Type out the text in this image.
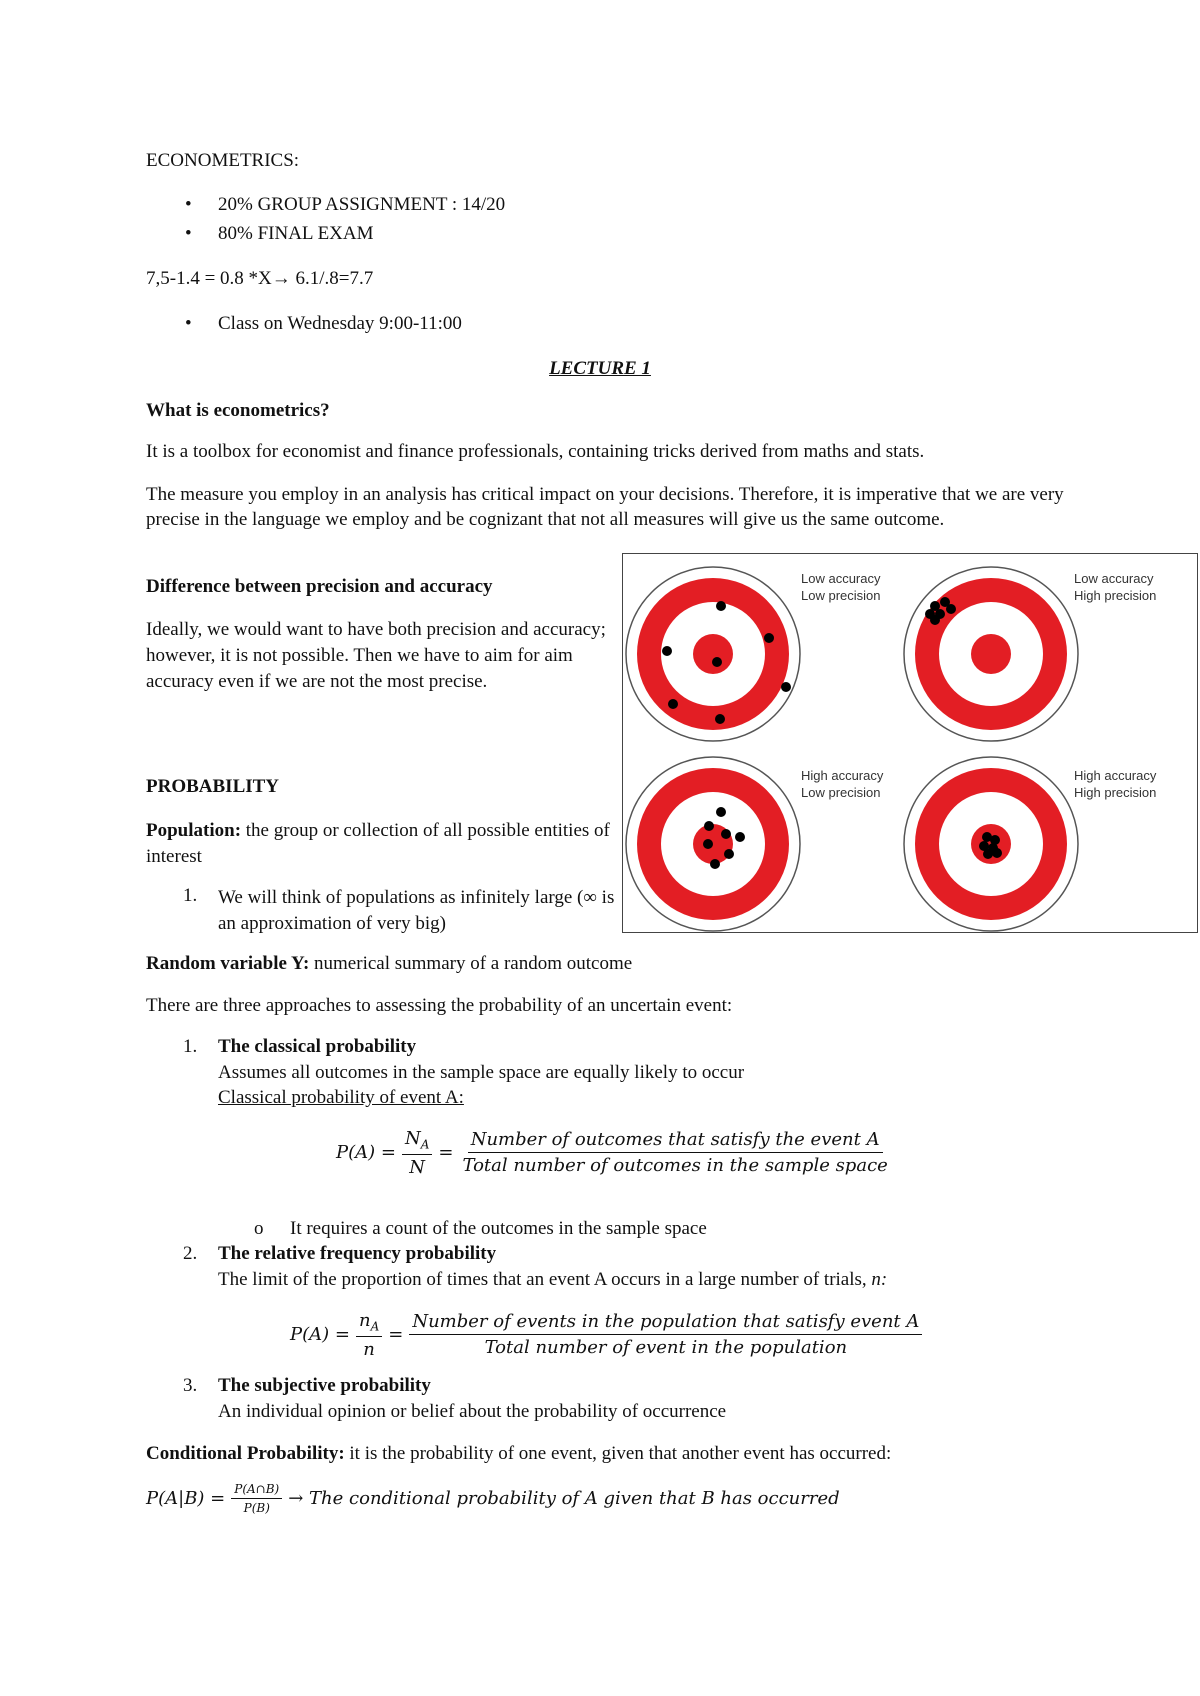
ECONOMETRICS:
• 20% GROUP ASSIGNMENT : 14/20
• 80% FINAL EXAM
7,5-1.4 = 0.8 *X→ 6.1/.8=7.7
• Class on Wednesday 9:00-11:00
LECTURE 1
What is econometrics?
It is a toolbox for economist and finance professionals, containing tricks derived from maths and stats.
The measure you employ in an analysis has critical impact on your decisions. Therefore, it is imperative that we are very precise in the language we employ and be cognizant that not all measures will give us the same outcome.
Difference between precision and accuracy
Ideally, we would want to have both precision and accuracy; however, it is not possible. Then we have to aim for aim accuracy even if we are not the most precise.
Low accuracy
Low precision
Low accuracy
High precision
High accuracy
Low precision
High accuracy
High precision
PROBABILITY
Population: the group or collection of all possible entities of interest
1. We will think of populations as infinitely large (∞ is an approximation of very big)
Random variable Y: numerical summary of a random outcome
There are three approaches to assessing the probability of an uncertain event:
1. The classical probability
Assumes all outcomes in the sample space are equally likely to occur
Classical probability of event A:
$P(A) = \frac{N_A}{N} = \frac{\text{Number of outcomes that satisfy the event A}}{\text{Total number of outcomes in the sample space}}$
o It requires a count of the outcomes in the sample space
2. The relative frequency probability
The limit of the proportion of times that an event A occurs in a large number of trials, n:
$P(A) = \frac{n_A}{n} = \frac{\text{Number of events in the population that satisfy event A}}{\text{Total number of event in the population}}$
3. The subjective probability
An individual opinion or belief about the probability of occurrence
Conditional Probability: it is the probability of one event, given that another event has occurred:
$P(A|B) = \frac{P(A\cap B)}{P(B)}$ → The conditional probability of A given that B has occurred
